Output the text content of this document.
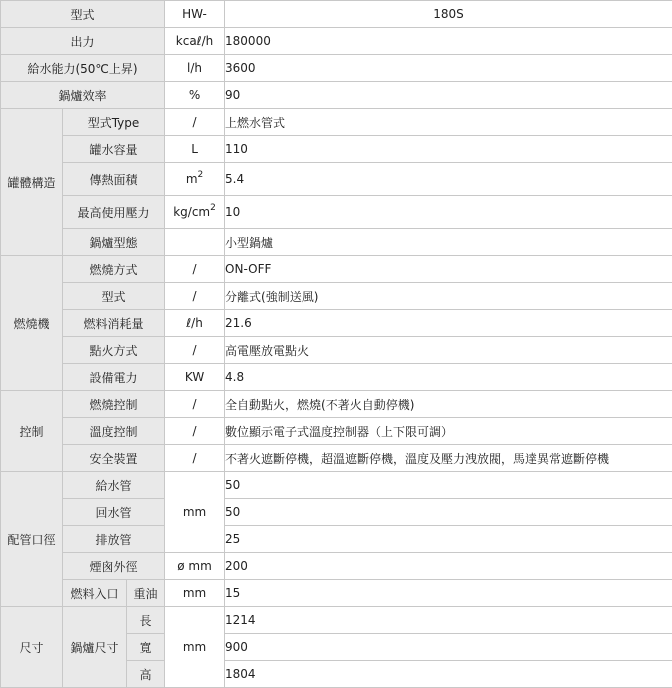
型式			HW-	180S
出力			kcaℓ/h	180000
給水能力(50℃上昇)			l/h	3600
鍋爐效率			%	90
罐體構造	型式Type		/	上燃水管式
	罐水容量		L	110
	傳熱面積		$m^2$	5.4
	最高使用壓力		$kg/cm^2$	10
	鍋爐型態			小型鍋爐
燃燒機	燃燒方式		/	ON-OFF
	型式		/	分離式(強制送風)
	燃料消耗量		ℓ/h	21.6
	點火方式		/	高電壓放電點火
	設備電力		KW	4.8
控制	燃燒控制		/	全自動點火，燃燒(不著火自動停機)
	溫度控制		/	數位顯示電子式溫度控制器（上下限可調）
	安全裝置		/	不著火遮斷停機，超溫遮斷停機，溫度及壓力洩放閥，馬達異常遮斷停機
配管口徑	給水管		mm	50
	回水管			50
	排放管			25
	煙囪外徑		ø mm	200
	燃料入口	重油	mm	15
尺寸	鍋爐尺寸	長	mm	1214
		寬		900
		高		1804
